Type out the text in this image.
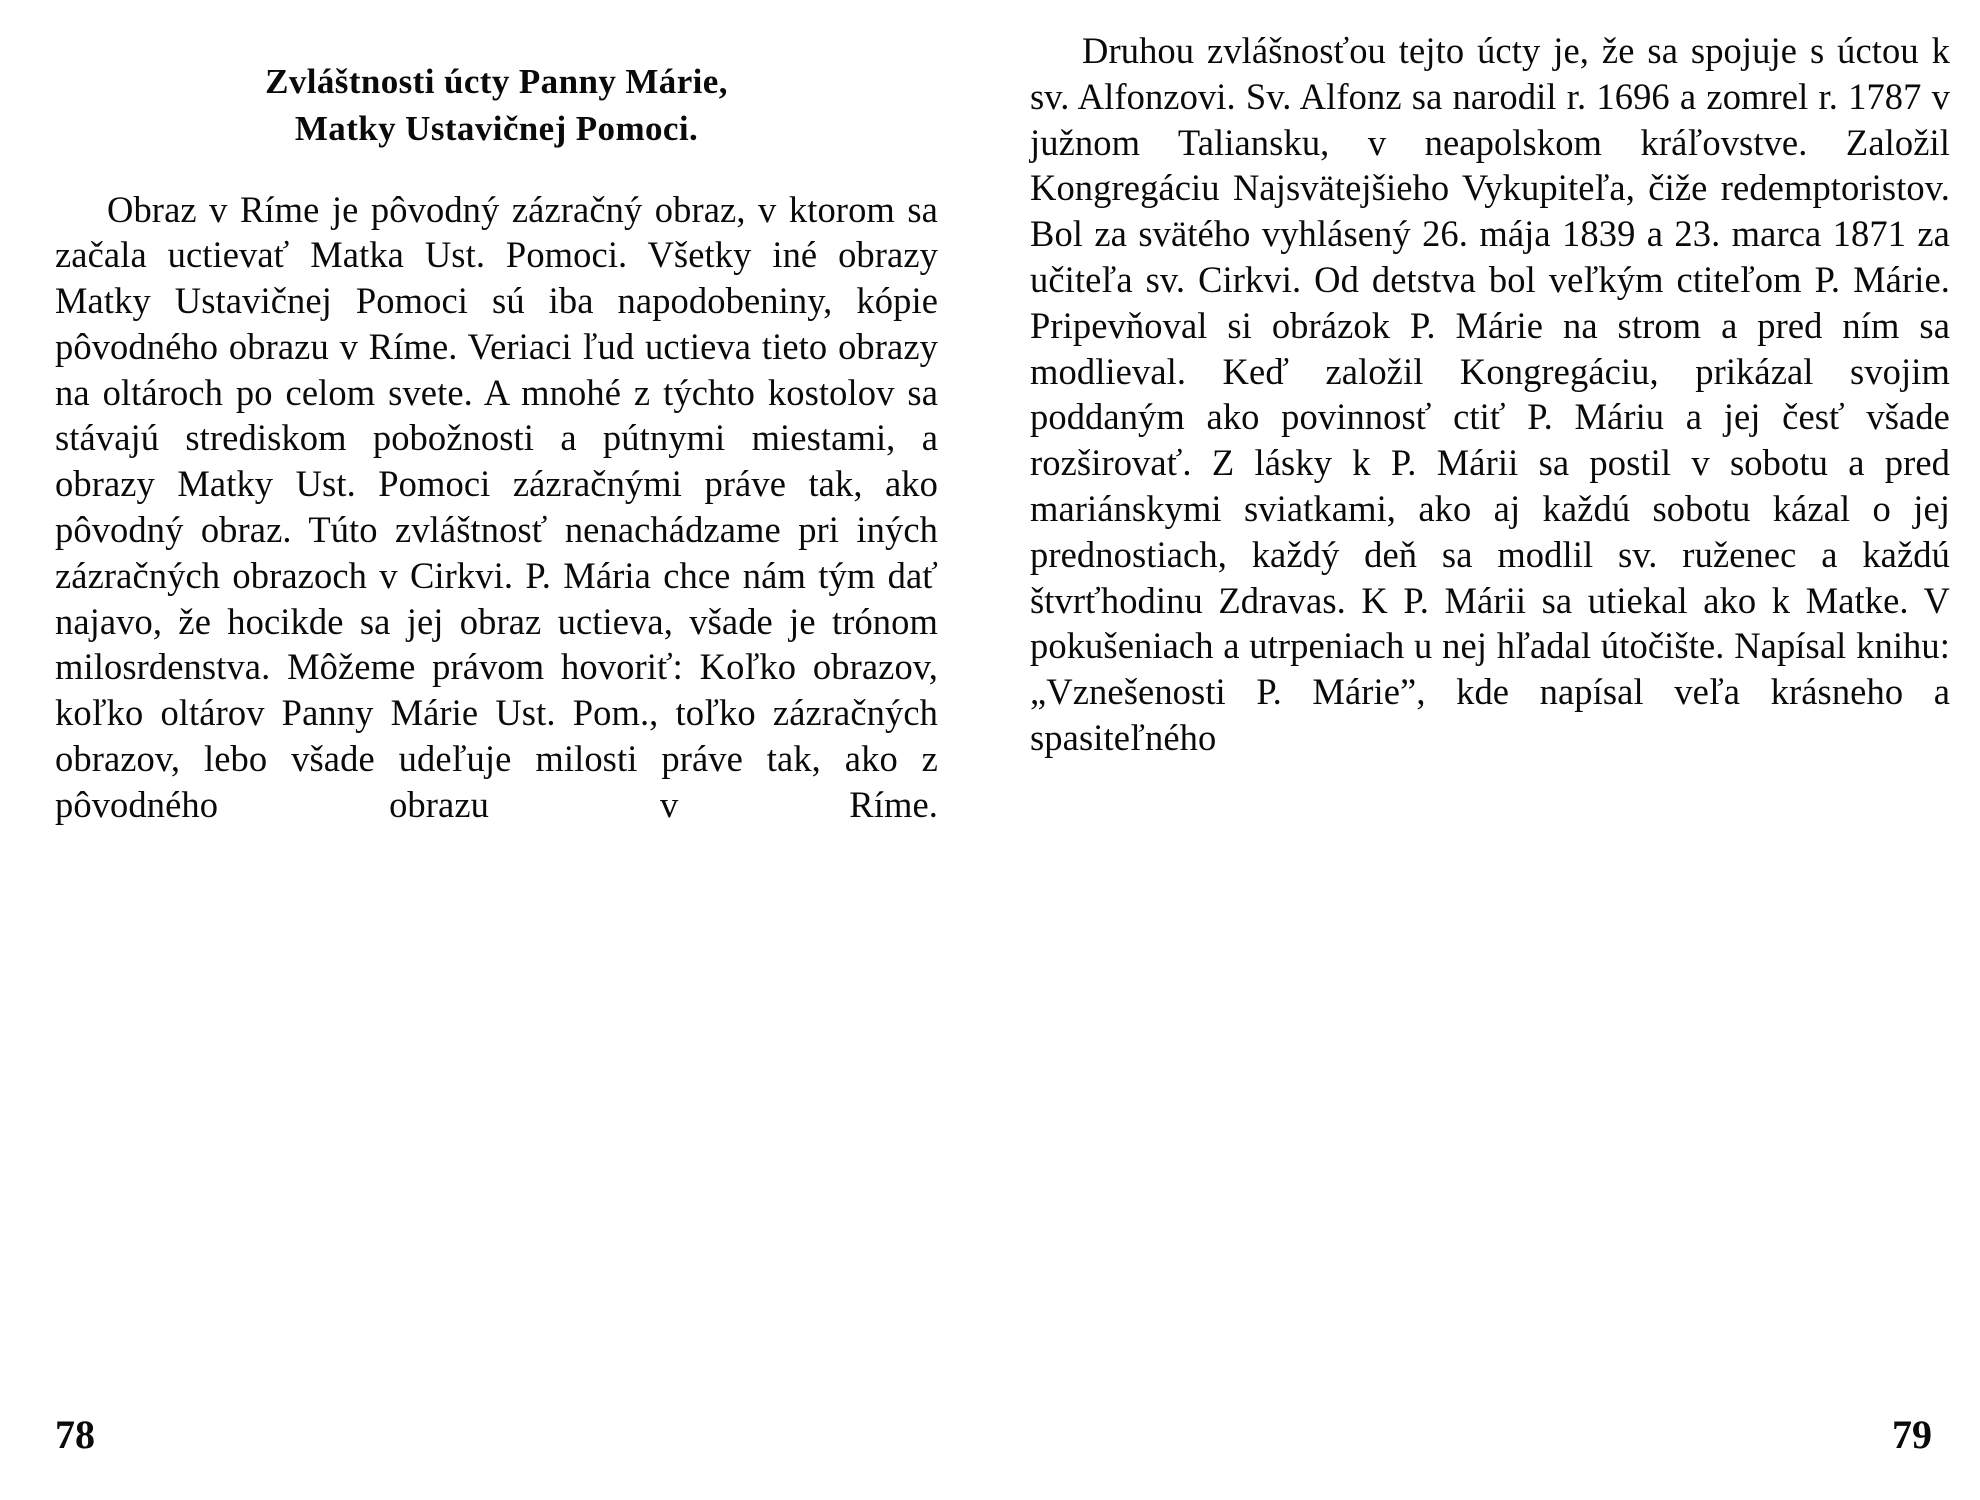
Zvláštnosti úcty Panny Márie,
Matky Ustavičnej Pomoci.

Obraz v Ríme je pôvodný zázračný obraz, v ktorom sa začala uctievať Matka Ust. Pomoci. Všetky iné obrazy Matky Ustavičnej Pomoci sú iba napodobeniny, kópie pôvodného obrazu v Ríme. Veriaci ľud uctieva tieto obrazy na oltároch po celom svete. A mnohé z týchto kostolov sa stávajú strediskom pobožnosti a pútnymi miestami, a obrazy Matky Ust. Pomoci zázračnými práve tak, ako pôvodný obraz. Túto zvláštnosť nenachádzame pri iných zázračných obrazoch v Cirkvi. P. Mária chce nám tým dať najavo, že hocikde sa jej obraz uctieva, všade je trónom milosrdenstva. Môžeme právom hovoriť: Koľko obrazov, koľko oltárov Panny Márie Ust. Pom., toľko zázračných obrazov, lebo všade udeľuje milosti práve tak, ako z pôvodného obrazu v Ríme.

Druhou zvlášnosťou tejto úcty je, že sa spojuje s úctou k sv. Alfonzovi. Sv. Alfonz sa narodil r. 1696 a zomrel r. 1787 v južnom Taliansku, v neapolskom kráľovstve. Založil Kongregáciu Najsvätejšieho Vykupiteľa, čiže redemptoristov. Bol za svätého vyhlásený 26. mája 1839 a 23. marca 1871 za učiteľa sv. Cirkvi. Od detstva bol veľkým ctiteľom P. Márie. Pripevňoval si obrázok P. Márie na strom a pred ním sa modlieval. Keď založil Kongregáciu, prikázal svojim poddaným ako povinnosť ctiť P. Máriu a jej česť všade rozširovať. Z lásky k P. Márii sa postil v sobotu a pred mariánskymi sviatkami, ako aj každú sobotu kázal o jej prednostiach, každý deň sa modlil sv. ruženec a každú štvrťhodinu Zdravas. K P. Márii sa utiekal ako k Matke. V pokušeniach a utrpeniach u nej hľadal útočište. Napísal knihu: „Vznešenosti P. Márie”, kde napísal veľa krásneho a spasiteľného

78	79
